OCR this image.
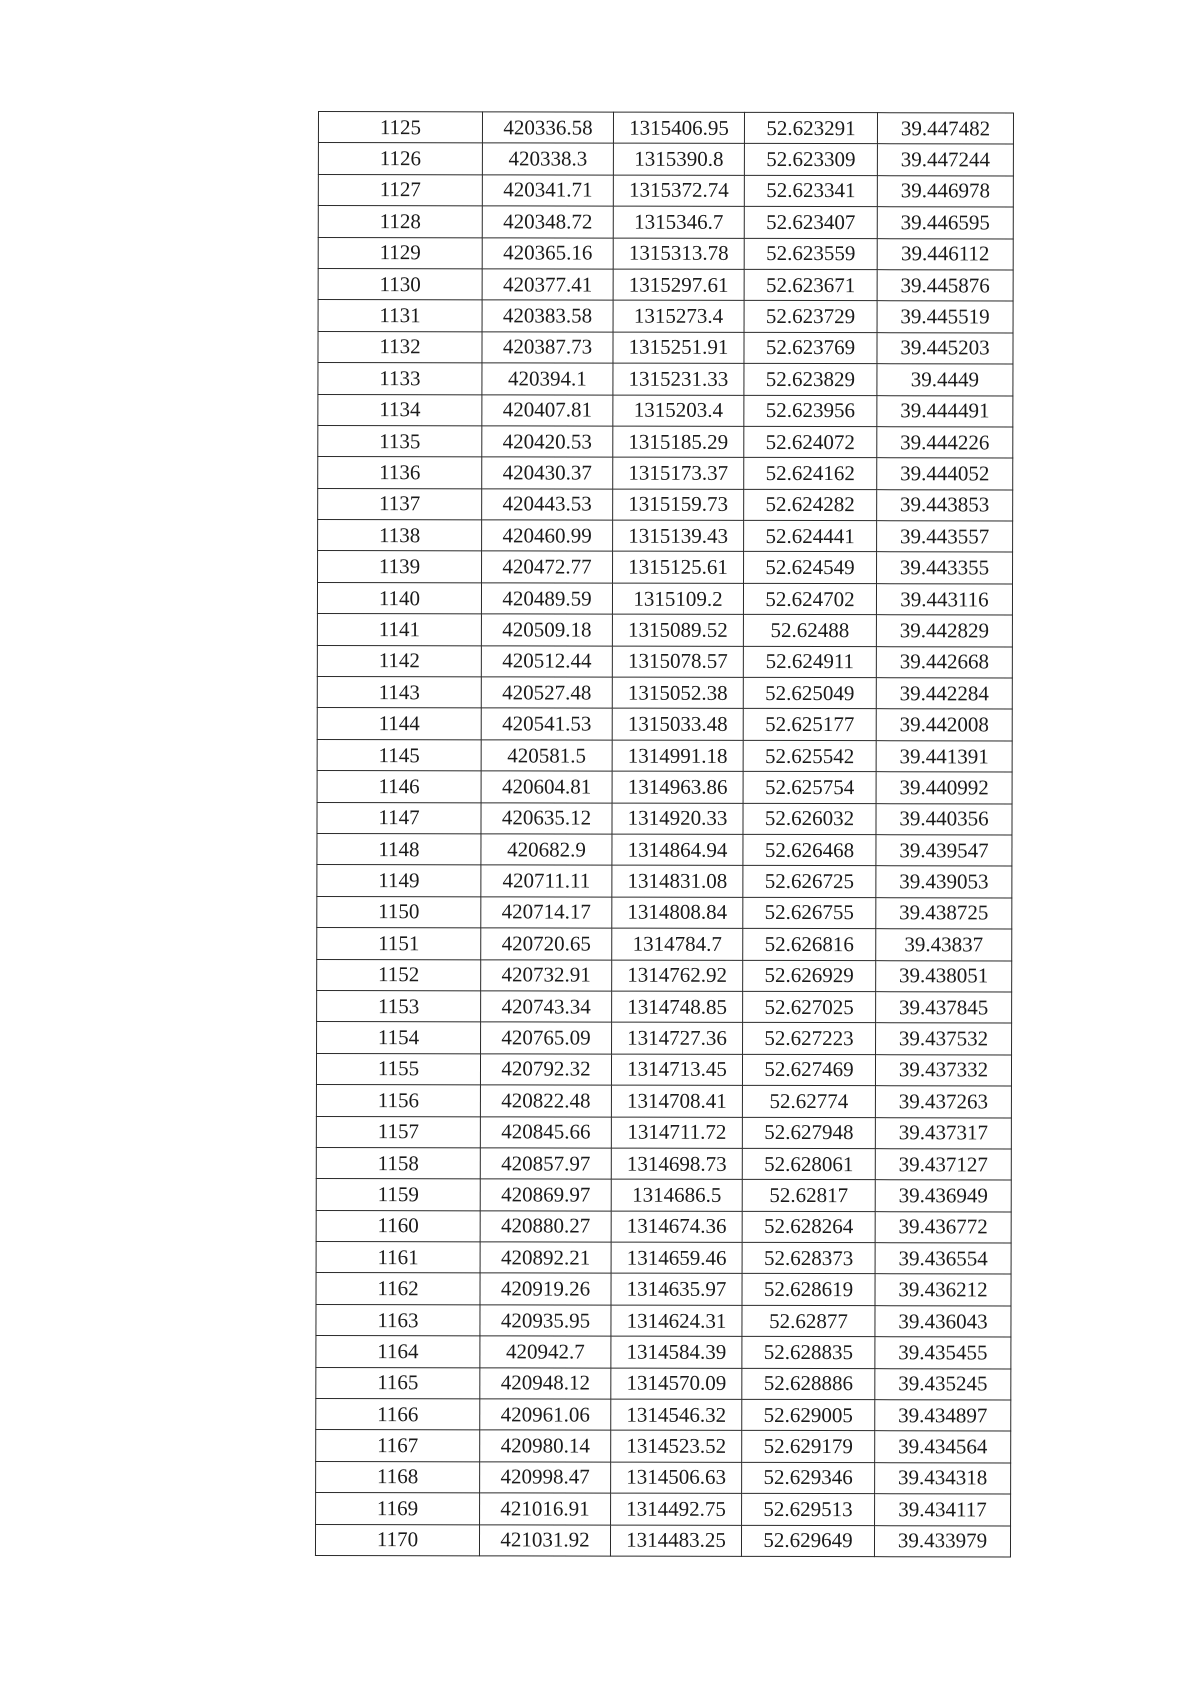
1125	420336.58	1315406.95	52.623291	39.447482
1126	420338.3	1315390.8	52.623309	39.447244
1127	420341.71	1315372.74	52.623341	39.446978
1128	420348.72	1315346.7	52.623407	39.446595
1129	420365.16	1315313.78	52.623559	39.446112
1130	420377.41	1315297.61	52.623671	39.445876
1131	420383.58	1315273.4	52.623729	39.445519
1132	420387.73	1315251.91	52.623769	39.445203
1133	420394.1	1315231.33	52.623829	39.4449
1134	420407.81	1315203.4	52.623956	39.444491
1135	420420.53	1315185.29	52.624072	39.444226
1136	420430.37	1315173.37	52.624162	39.444052
1137	420443.53	1315159.73	52.624282	39.443853
1138	420460.99	1315139.43	52.624441	39.443557
1139	420472.77	1315125.61	52.624549	39.443355
1140	420489.59	1315109.2	52.624702	39.443116
1141	420509.18	1315089.52	52.62488	39.442829
1142	420512.44	1315078.57	52.624911	39.442668
1143	420527.48	1315052.38	52.625049	39.442284
1144	420541.53	1315033.48	52.625177	39.442008
1145	420581.5	1314991.18	52.625542	39.441391
1146	420604.81	1314963.86	52.625754	39.440992
1147	420635.12	1314920.33	52.626032	39.440356
1148	420682.9	1314864.94	52.626468	39.439547
1149	420711.11	1314831.08	52.626725	39.439053
1150	420714.17	1314808.84	52.626755	39.438725
1151	420720.65	1314784.7	52.626816	39.43837
1152	420732.91	1314762.92	52.626929	39.438051
1153	420743.34	1314748.85	52.627025	39.437845
1154	420765.09	1314727.36	52.627223	39.437532
1155	420792.32	1314713.45	52.627469	39.437332
1156	420822.48	1314708.41	52.62774	39.437263
1157	420845.66	1314711.72	52.627948	39.437317
1158	420857.97	1314698.73	52.628061	39.437127
1159	420869.97	1314686.5	52.62817	39.436949
1160	420880.27	1314674.36	52.628264	39.436772
1161	420892.21	1314659.46	52.628373	39.436554
1162	420919.26	1314635.97	52.628619	39.436212
1163	420935.95	1314624.31	52.62877	39.436043
1164	420942.7	1314584.39	52.628835	39.435455
1165	420948.12	1314570.09	52.628886	39.435245
1166	420961.06	1314546.32	52.629005	39.434897
1167	420980.14	1314523.52	52.629179	39.434564
1168	420998.47	1314506.63	52.629346	39.434318
1169	421016.91	1314492.75	52.629513	39.434117
1170	421031.92	1314483.25	52.629649	39.433979
